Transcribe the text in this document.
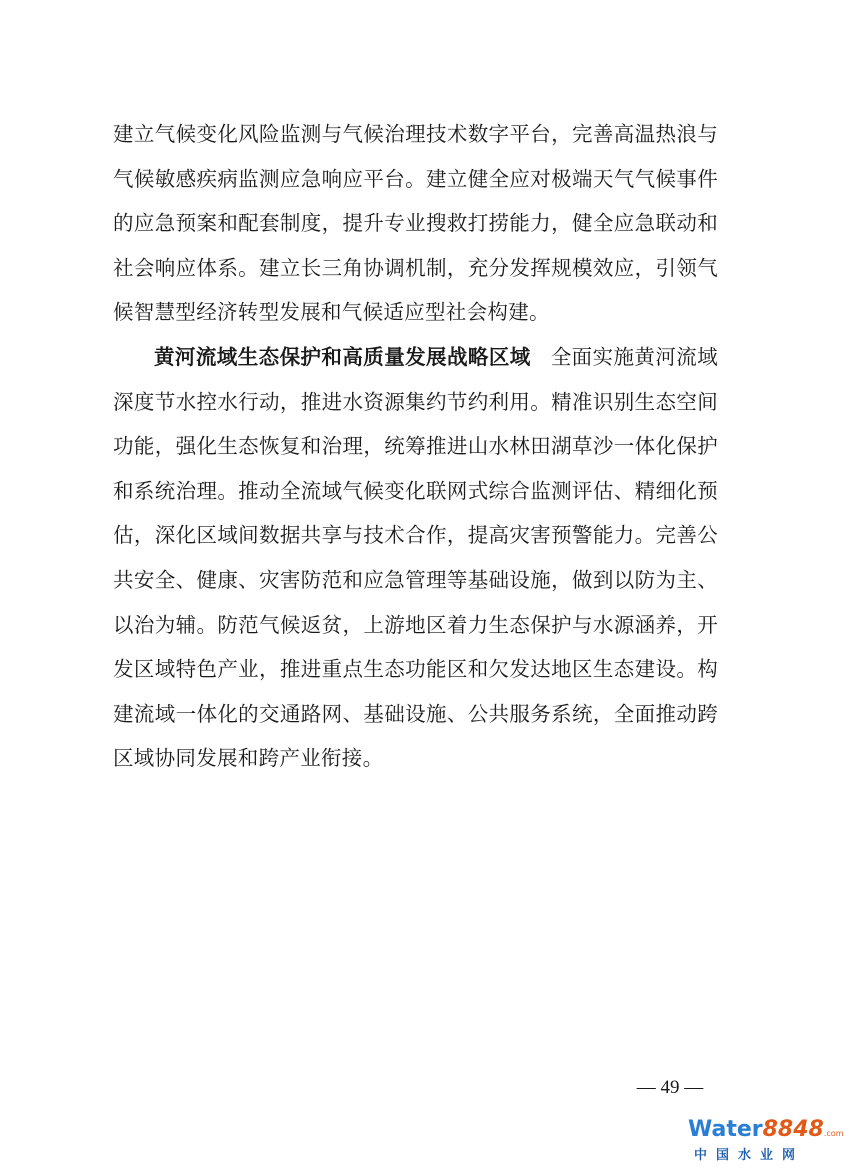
建立气候变化风险监测与气候治理技术数字平台，完善高温热浪与气候敏感疾病监测应急响应平台。建立健全应对极端天气气候事件的应急预案和配套制度，提升专业搜救打捞能力，健全应急联动和社会响应体系。建立长三角协调机制，充分发挥规模效应，引领气候智慧型经济转型发展和气候适应型社会构建。

黄河流域生态保护和高质量发展战略区域 全面实施黄河流域深度节水控水行动，推进水资源集约节约利用。精准识别生态空间功能，强化生态恢复和治理，统筹推进山水林田湖草沙一体化保护和系统治理。推动全流域气候变化联网式综合监测评估、精细化预估，深化区域间数据共享与技术合作，提高灾害预警能力。完善公共安全、健康、灾害防范和应急管理等基础设施，做到以防为主、以治为辅。防范气候返贫，上游地区着力生态保护与水源涵养，开发区域特色产业，推进重点生态功能区和欠发达地区生态建设。构建流域一体化的交通路网、基础设施、公共服务系统，全面推动跨区域协同发展和跨产业衔接。

— 49 —
Water8848.com
中国水业网
